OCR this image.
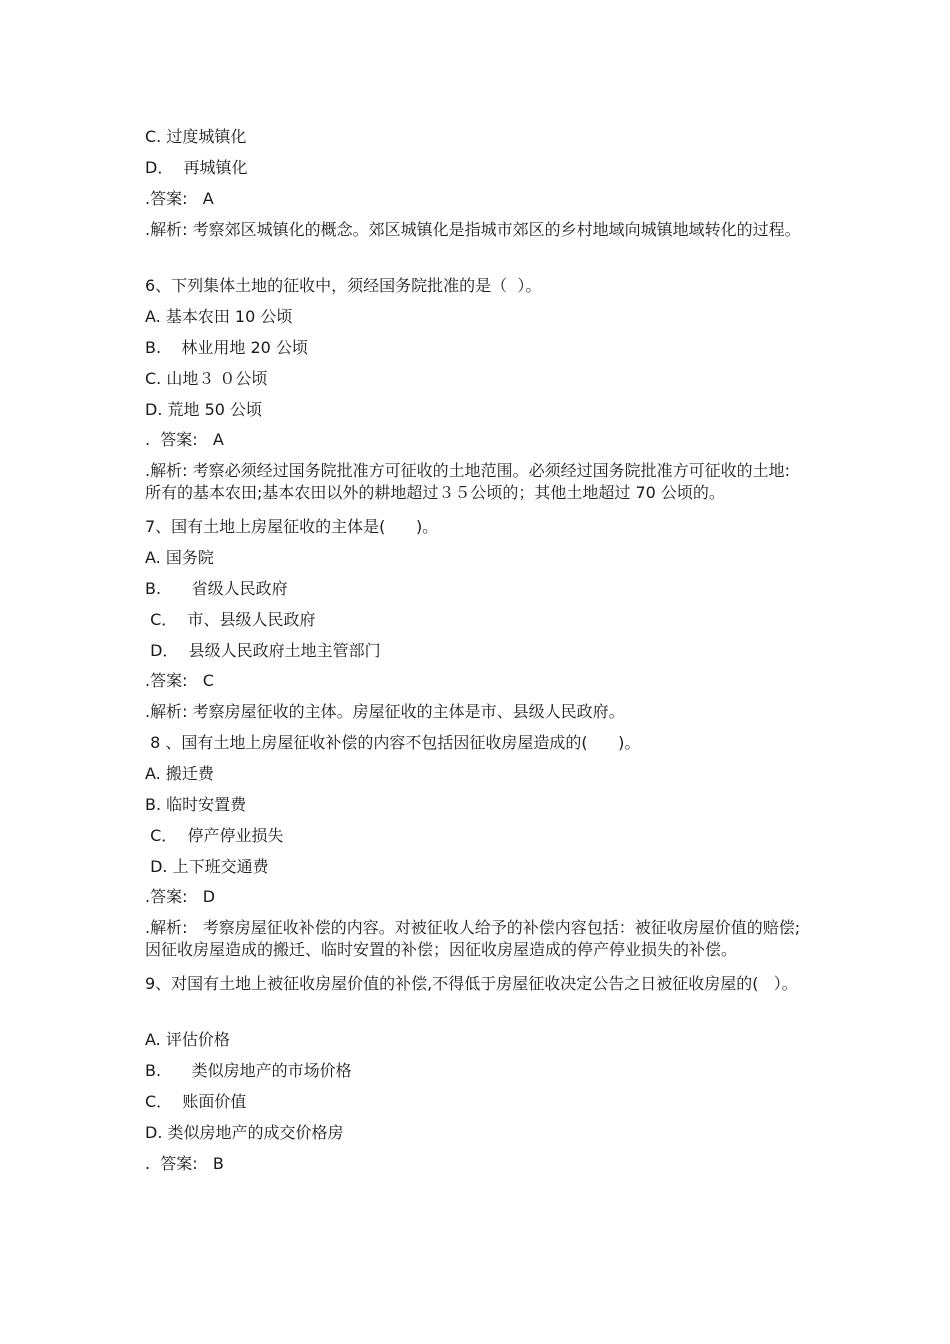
C. 过度城镇化
D．  再城镇化
.答案:   A
.解析: 考察郊区城镇化的概念。郊区城镇化是指城市郊区的乡村地域向城镇地域转化的过程。
6、下列集体土地的征收中，须经国务院批准的是（  ）。
A. 基本农田 10 公顷
B.    林业用地 20 公顷
C. 山地３ ０公顷
D. 荒地 50 公顷
.  答案:   A
.解析: 考察必须经过国务院批准方可征收的土地范围。必须经过国务院批准方可征收的土地:所有的基本农田;基本农田以外的耕地超过３５公顷的；其他土地超过 70 公顷的。
7、国有土地上房屋征收的主体是(      )。
A. 国务院
B.      省级人民政府
C．  市、县级人民政府
D．  县级人民政府土地主管部门
.答案:   C
.解析: 考察房屋征收的主体。房屋征收的主体是市、县级人民政府。
8 、国有土地上房屋征收补偿的内容不包括因征收房屋造成的(      )。
A. 搬迁费
B. 临时安置费
C．  停产停业损失
D. 上下班交通费
.答案:   D
.解析:   考察房屋征收补偿的内容。对被征收人给予的补偿内容包括：被征收房屋价值的赔偿;因征收房屋造成的搬迁、临时安置的补偿；因征收房屋造成的停产停业损失的补偿。
9、对国有土地上被征收房屋价值的补偿,不得低于房屋征收决定公告之日被征收房屋的(   ）。
A. 评估价格
B.      类似房地产的市场价格
C．  账面价值
D. 类似房地产的成交价格房
.  答案:   B
